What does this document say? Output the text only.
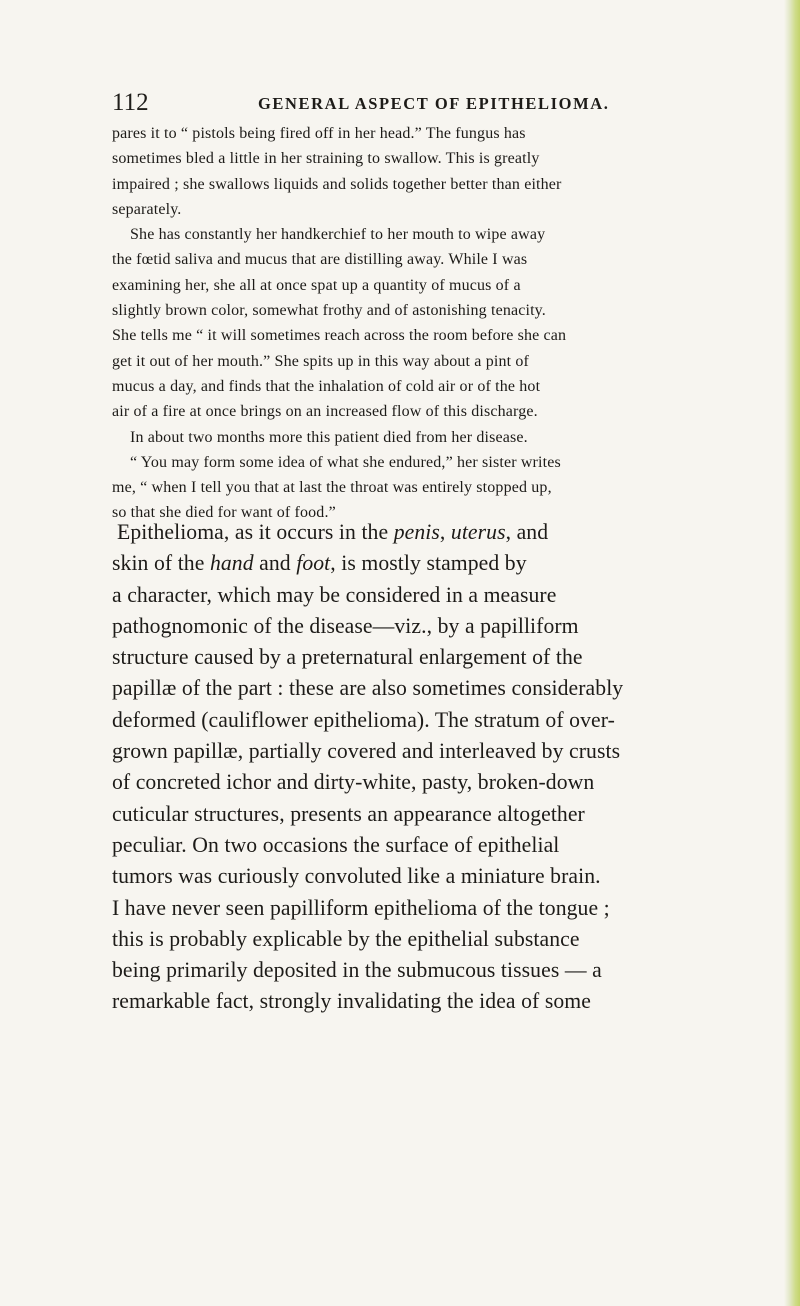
112	GENERAL ASPECT OF EPITHELIOMA.
pares it to “ pistols being fired off in her head.” The fungus has
sometimes bled a little in her straining to swallow. This is greatly
impaired ; she swallows liquids and solids together better than either
separately.
She has constantly her handkerchief to her mouth to wipe away
the fœtid saliva and mucus that are distilling away. While I was
examining her, she all at once spat up a quantity of mucus of a
slightly brown color, somewhat frothy and of astonishing tenacity.
She tells me “ it will sometimes reach across the room before she can
get it out of her mouth.” She spits up in this way about a pint of
mucus a day, and finds that the inhalation of cold air or of the hot
air of a fire at once brings on an increased flow of this discharge.
In about two months more this patient died from her disease.
“ You may form some idea of what she endured,” her sister writes
me, “ when I tell you that at last the throat was entirely stopped up,
so that she died for want of food.”
Epithelioma, as it occurs in the penis, uterus, and
skin of the hand and foot, is mostly stamped by
a character, which may be considered in a measure
pathognomonic of the disease—viz., by a papilliform
structure caused by a preternatural enlargement of the
papillæ of the part : these are also sometimes considerably
deformed (cauliflower epithelioma). The stratum of over-
grown papillæ, partially covered and interleaved by crusts
of concreted ichor and dirty-white, pasty, broken-down
cuticular structures, presents an appearance altogether
peculiar. On two occasions the surface of epithelial
tumors was curiously convoluted like a miniature brain.
I have never seen papilliform epithelioma of the tongue ;
this is probably explicable by the epithelial substance
being primarily deposited in the submucous tissues — a
remarkable fact, strongly invalidating the idea of some
